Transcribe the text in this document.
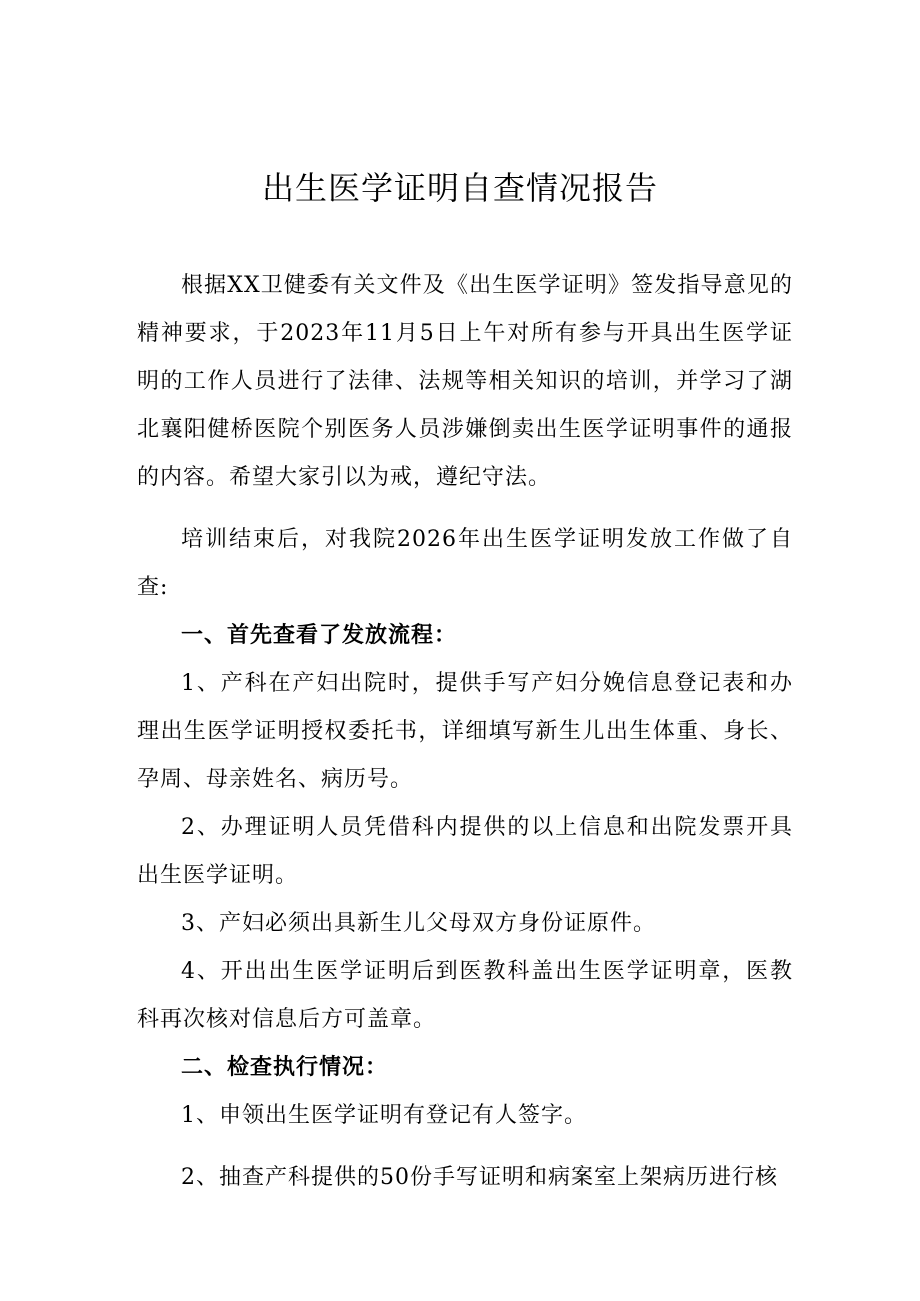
出生医学证明自查情况报告

根据XX卫健委有关文件及《出生医学证明》签发指导意见的精神要求，于2023年11月5日上午对所有参与开具出生医学证明的工作人员进行了法律、法规等相关知识的培训，并学习了湖北襄阳健桥医院个别医务人员涉嫌倒卖出生医学证明事件的通报的内容。希望大家引以为戒，遵纪守法。

培训结束后，对我院2026年出生医学证明发放工作做了自查:

一、首先查看了发放流程：

1、产科在产妇出院时，提供手写产妇分娩信息登记表和办理出生医学证明授权委托书，详细填写新生儿出生体重、身长、孕周、母亲姓名、病历号。

2、办理证明人员凭借科内提供的以上信息和出院发票开具出生医学证明。

3、产妇必须出具新生儿父母双方身份证原件。

4、开出出生医学证明后到医教科盖出生医学证明章，医教科再次核对信息后方可盖章。

二、检查执行情况：

1、申领出生医学证明有登记有人签字。

2、抽查产科提供的50份手写证明和病案室上架病历进行核
